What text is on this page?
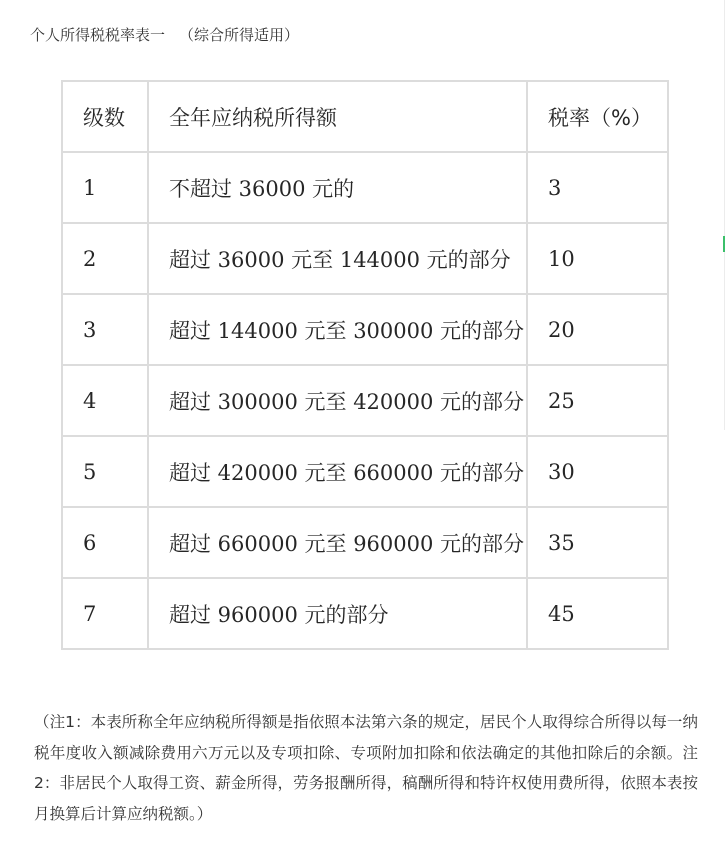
个人所得税税率表一 （综合所得适用）
级数	全年应纳税所得额	税率（%）
1	不超过 36000 元的	3
2	超过 36000 元至 144000 元的部分	10
3	超过 144000 元至 300000 元的部分	20
4	超过 300000 元至 420000 元的部分	25
5	超过 420000 元至 660000 元的部分	30
6	超过 660000 元至 960000 元的部分	35
7	超过 960000 元的部分	45
（注1：本表所称全年应纳税所得额是指依照本法第六条的规定，居民个人取得综合所得以每一纳税年度收入额减除费用六万元以及专项扣除、专项附加扣除和依法确定的其他扣除后的余额。注2：非居民个人取得工资、薪金所得，劳务报酬所得，稿酬所得和特许权使用费所得，依照本表按月换算后计算应纳税额。）
